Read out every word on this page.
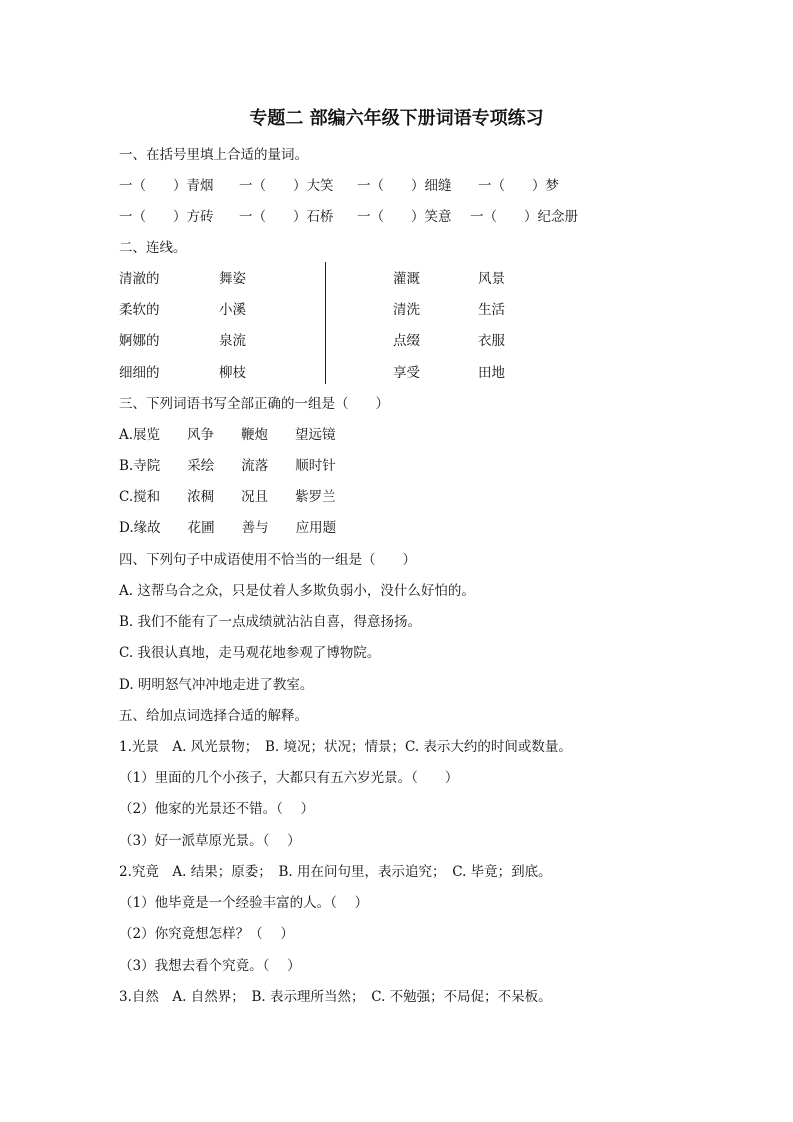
专题二 部编六年级下册词语专项练习
一、在括号里填上合适的量词。
一（　　）青烟 一（　　）大笑 一（　　）细缝 一（　　）梦
一（　　）方砖 一（　　）石桥 一（　　）笑意 一（　　）纪念册
二、连线。
清澈的
柔软的
婀娜的
细细的
舞姿
小溪
泉流
柳枝
灌溉
清洗
点缀
享受
风景
生活
衣服
田地
三、下列词语书写全部正确的一组是（　　）
A.展览　　风争　　鞭炮　　望远镜
B.寺院　　采绘　　流落　　顺时针
C.搅和　　浓稠　　况且　　紫罗兰
D.缘故　　花圃　　善与　　应用题
四、下列句子中成语使用不恰当的一组是（　　）
A. 这帮乌合之众，只是仗着人多欺负弱小，没什么好怕的。
B. 我们不能有了一点成绩就沾沾自喜，得意扬扬。
C. 我很认真地，走马观花地参观了博物院。
D. 明明怒气冲冲地走进了教室。
五、给加点词选择合适的解释。
1.光景　A. 风光景物；　B. 境况；状况；情景；C. 表示大约的时间或数量。
（1）里面的几个小孩子，大都只有五六岁光景。（　　）
（2）他家的光景还不错。（　 ）
（3）好一派草原光景。（　 ）
2.究竟　A. 结果；原委；　B. 用在问句里，表示追究；　C. 毕竟；到底。
（1）他毕竟是一个经验丰富的人。（　 ）
（2）你究竟想怎样？（　 ）
（3）我想去看个究竟。（　 ）
3.自然　A. 自然界；　B. 表示理所当然；　C. 不勉强；不局促；不呆板。
